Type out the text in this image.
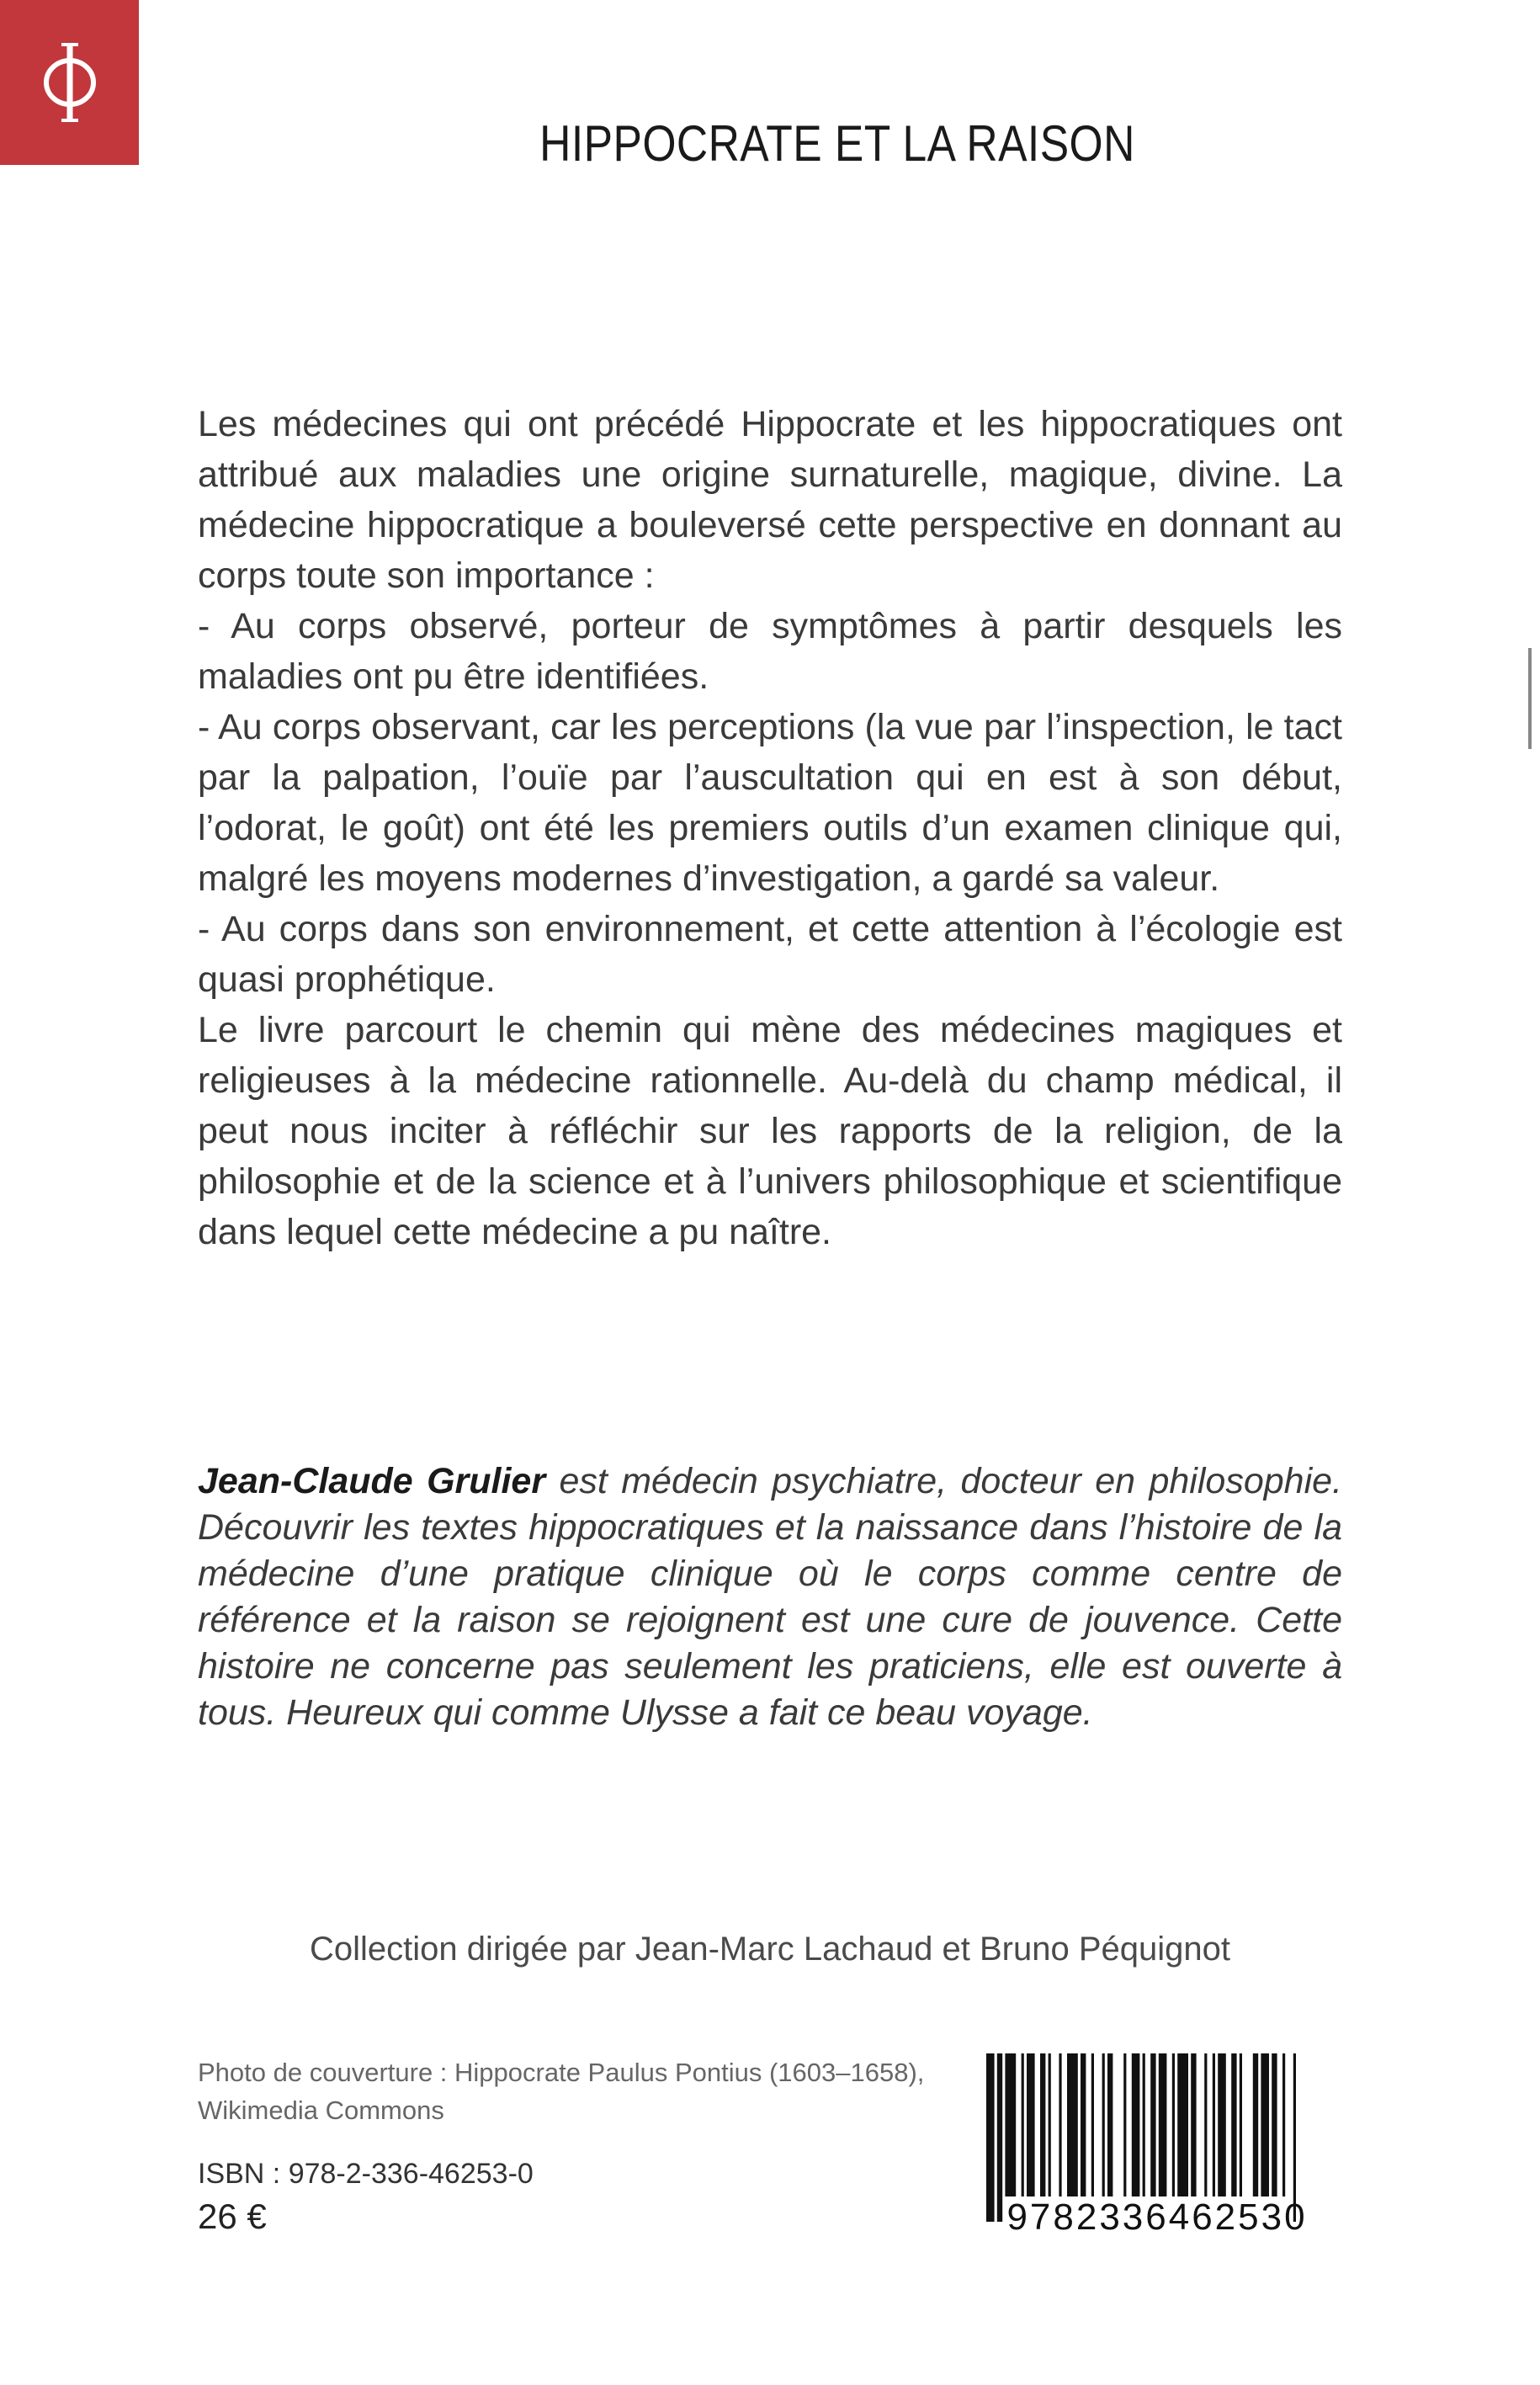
HIPPOCRATE ET LA RAISON

Les médecines qui ont précédé Hippocrate et les hippocratiques ont attribué aux maladies une origine surnaturelle, magique, divine. La médecine hippocratique a bouleversé cette perspective en donnant au corps toute son importance :

- Au corps observé, porteur de symptômes à partir desquels les maladies ont pu être identifiées.

- Au corps observant, car les perceptions (la vue par l’inspection, le tact par la palpation, l’ouïe par l’auscultation qui en est à son début, l’odorat, le goût) ont été les premiers outils d’un examen clinique qui, malgré les moyens modernes d’investigation, a gardé sa valeur.

- Au corps dans son environnement, et cette attention à l’écologie est quasi prophétique.

Le livre parcourt le chemin qui mène des médecines magiques et religieuses à la médecine rationnelle. Au-delà du champ médical, il peut nous inciter à réfléchir sur les rapports de la religion, de la philosophie et de la science et à l’univers philosophique et scientifique dans lequel cette médecine a pu naître.

Jean-Claude Grulier est médecin psychiatre, docteur en philosophie. Découvrir les textes hippocratiques et la naissance dans l’histoire de la médecine d’une pratique clinique où le corps comme centre de référence et la raison se rejoignent est une cure de jouvence. Cette histoire ne concerne pas seulement les praticiens, elle est ouverte à tous. Heureux qui comme Ulysse a fait ce beau voyage.
Collection dirigée par Jean-Marc Lachaud et Bruno Péquignot
Photo de couverture : Hippocrate Paulus Pontius (1603–1658),
Wikimedia Commons
ISBN : 978-2-336-46253-0
26 €	9782336462530
